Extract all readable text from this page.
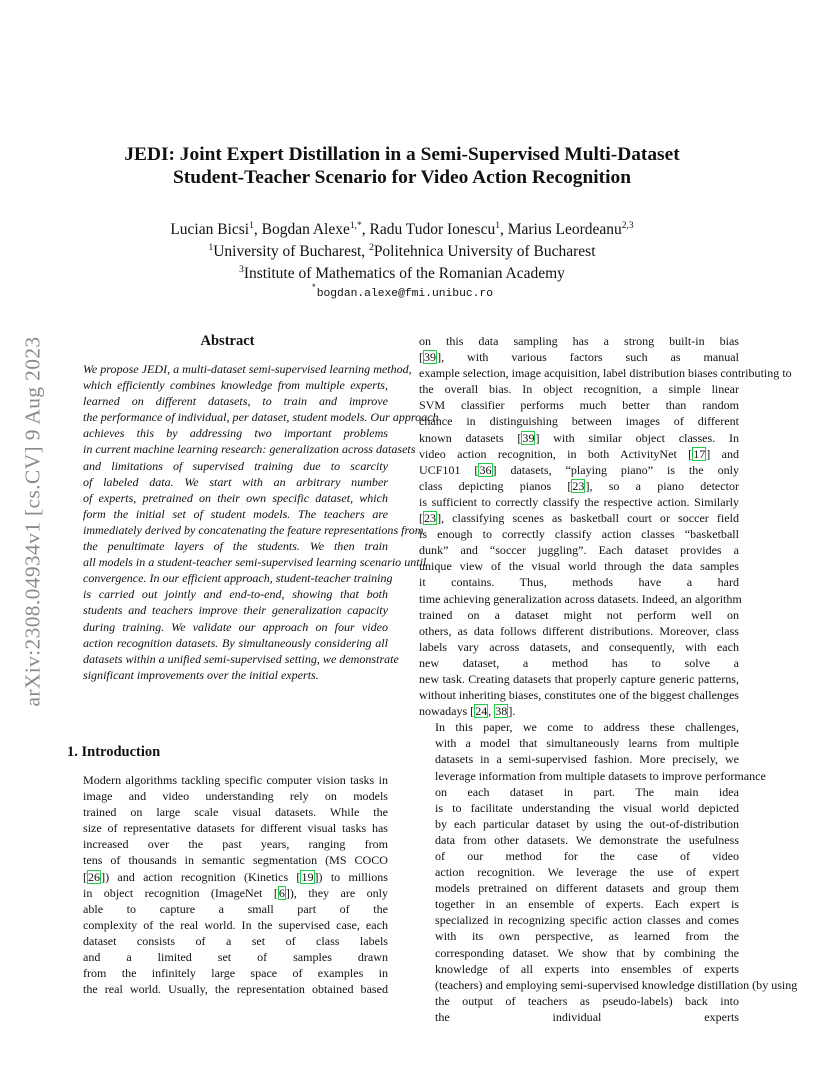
arXiv:2308.04934v1 [cs.CV] 9 Aug 2023
JEDI: Joint Expert Distillation in a Semi-Supervised Multi-Dataset
Student-Teacher Scenario for Video Action Recognition
Lucian Bicsi$^1$, Bogdan Alexe$^{1,*}$, Radu Tudor Ionescu$^1$, Marius Leordeanu$^{2,3}$
$^1$University of Bucharest, $^2$Politehnica University of Bucharest
$^3$Institute of Mathematics of the Romanian Academy
*bogdan.alexe@fmi.unibuc.ro
Abstract

We propose JEDI, a multi-dataset semi-supervised learning method,
which efficiently combines knowledge from multiple experts,
learned on different datasets, to train and improve
the performance of individual, per dataset, student models. Our approach
achieves this by addressing two important problems
in current machine learning research: generalization across datasets
and limitations of supervised training due to scarcity
of labeled data. We start with an arbitrary number
of experts, pretrained on their own specific dataset, which
form the initial set of student models. The teachers are
immediately derived by concatenating the feature representations from
the penultimate layers of the students. We then train
all models in a student-teacher semi-supervised learning scenario until
convergence. In our efficient approach, student-teacher training
is carried out jointly and end-to-end, showing that both
students and teachers improve their generalization capacity
during training. We validate our approach on four video
action recognition datasets. By simultaneously considering all
datasets within a unified semi-supervised setting, we demonstrate
significant improvements over the initial experts.

1. Introduction

Modern algorithms tackling specific computer vision tasks in
image and video understanding rely on models
trained on large scale visual datasets. While the
size of representative datasets for different visual tasks has
increased over the past years, ranging from
tens of thousands in semantic segmentation (MS COCO
[26]) and action recognition (Kinetics [19]) to millions
in object recognition (ImageNet [6]), they are only
able to capture a small part of the
complexity of the real world. In the supervised case, each
dataset consists of a set of class labels
and a limited set of samples drawn
from the infinitely large space of examples in
the real world. Usually, the representation obtained based

on this data sampling has a strong built-in bias
[39], with various factors such as manual
example selection, image acquisition, label distribution biases contributing to
the overall bias. In object recognition, a simple linear
SVM classifier performs much better than random
chance in distinguishing between images of different
known datasets [39] with similar object classes. In
video action recognition, in both ActivityNet [17] and
UCF101 [36] datasets, “playing piano” is the only
class depicting pianos [23], so a piano detector
is sufficient to correctly classify the respective action. Similarly
[23], classifying scenes as basketball court or soccer field
is enough to correctly classify action classes “basketball
dunk” and “soccer juggling”. Each dataset provides a
unique view of the visual world through the data samples
it contains. Thus, methods have a hard
time achieving generalization across datasets. Indeed, an algorithm
trained on a dataset might not perform well on
others, as data follows different distributions. Moreover, class
labels vary across datasets, and consequently, with each
new dataset, a method has to solve a
new task. Creating datasets that properly capture generic patterns,
without inheriting biases, constitutes one of the biggest challenges
nowadays [24, 38].

In this paper, we come to address these challenges,
with a model that simultaneously learns from multiple
datasets in a semi-supervised fashion. More precisely, we
leverage information from multiple datasets to improve performance
on each dataset in part. The main idea
is to facilitate understanding the visual world depicted
by each particular dataset by using the out-of-distribution
data from other datasets. We demonstrate the usefulness
of our method for the case of video
action recognition. We leverage the use of expert
models pretrained on different datasets and group them
together in an ensemble of experts. Each expert is
specialized in recognizing specific action classes and comes
with its own perspective, as learned from the
corresponding dataset. We show that by combining the
knowledge of all experts into ensembles of experts
(teachers) and employing semi-supervised knowledge distillation (by using
the output of teachers as pseudo-labels) back into
the individual experts
